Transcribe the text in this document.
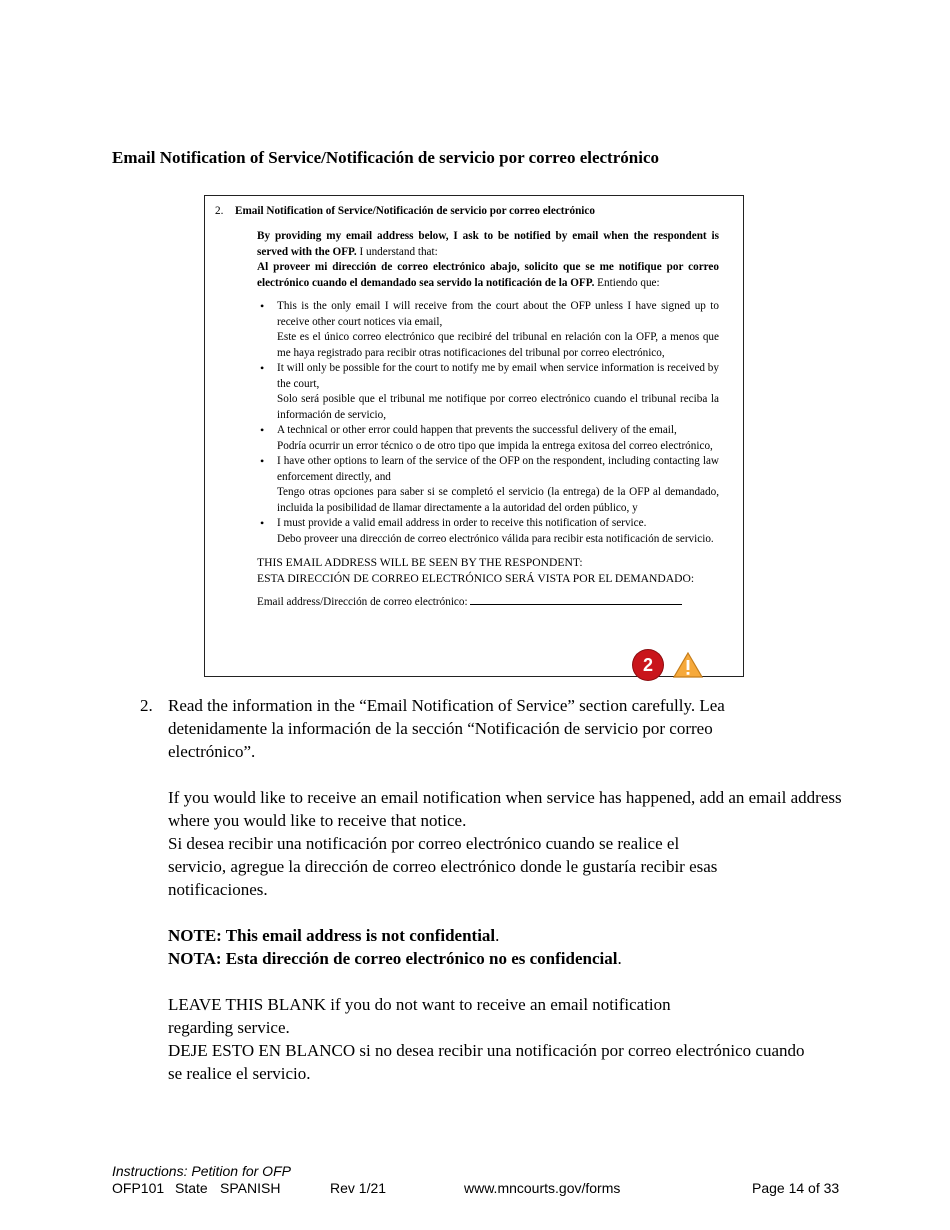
Email Notification of Service/Notificación de servicio por correo electrónico
2. Email Notification of Service/Notificación de servicio por correo electrónico

By providing my email address below, I ask to be notified by email when the respondent is served with the OFP. I understand that:

Al proveer mi dirección de correo electrónico abajo, solicito que se me notifique por correo electrónico cuando el demandado sea servido la notificación de la OFP. Entiendo que:

• This is the only email I will receive from the court about the OFP unless I have signed up to receive other court notices via email,
Este es el único correo electrónico que recibiré del tribunal en relación con la OFP, a menos que me haya registrado para recibir otras notificaciones del tribunal por correo electrónico,
• It will only be possible for the court to notify me by email when service information is received by the court,
Solo será posible que el tribunal me notifique por correo electrónico cuando el tribunal reciba la información de servicio,
• A technical or other error could happen that prevents the successful delivery of the email,
Podría ocurrir un error técnico o de otro tipo que impida la entrega exitosa del correo electrónico,
• I have other options to learn of the service of the OFP on the respondent, including contacting law enforcement directly, and
Tengo otras opciones para saber si se completó el servicio (la entrega) de la OFP al demandado, incluida la posibilidad de llamar directamente a la autoridad del orden público, y
• I must provide a valid email address in order to receive this notification of service.
Debo proveer una dirección de correo electrónico válida para recibir esta notificación de servicio.
THIS EMAIL ADDRESS WILL BE SEEN BY THE RESPONDENT:
ESTA DIRECCIÓN DE CORREO ELECTRÓNICO SERÁ VISTA POR EL DEMANDADO:
Email address/Dirección de correo electrónico:
2
2. Read the information in the “Email Notification of Service” section carefully. Lea detenidamente la información de la sección “Notificación de servicio por correo electrónico”.

If you would like to receive an email notification when service has happened, add an email address where you would like to receive that notice.

Si desea recibir una notificación por correo electrónico cuando se realice el servicio, agregue la dirección de correo electrónico donde le gustaría recibir esas notificaciones.

NOTE: This email address is not confidential.

NOTA: Esta dirección de correo electrónico no es confidencial.

LEAVE THIS BLANK if you do not want to receive an email notification regarding service.

DEJE ESTO EN BLANCO si no desea recibir una notificación por correo electrónico cuando se realice el servicio.

Instructions: Petition for OFP
OFP101 State SPANISH	Rev 1/21	www.mncourts.gov/forms	Page 14 of 33
